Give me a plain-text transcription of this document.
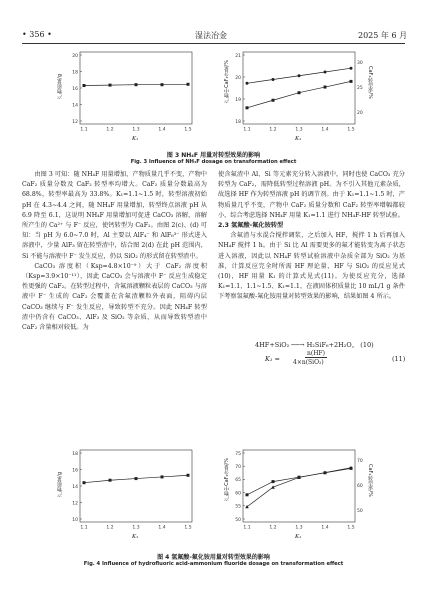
• 356 •	湿法冶金	2025 年 6 月
20
18
16
14
12
1.1	1.2	1.3	1.4	1.5
产物质量/g
K₁
21
20
19
18
1.1	1.2	1.3	1.4	1.5
30
25
20
产物中CaF₂含量/%	CaF₂转型率/%
K₁
图 3 NH₄F 用量对转型效果的影响
Fig. 3 Influence of NH₄F dosage on transformation effect

由图 3 可知：随 NH₄F 用量增加，产物质量几乎不变，产物中 CaF₂ 质量分数及 CaF₂ 转型率均增大。CaF₂ 质量分数最高为 68.8%，转型率最高为 33.8%。K₁=1.1~1.5 时，转型溶液初始 pH 在 4.3~4.4 之间，随 NH₄F 用量增加，转型终点溶液 pH 从 6.9 降至 6.1，这说明 NH₄F 用量增加可促进 CaCO₃ 溶解，溶解所产生的 Ca²⁺ 与 F⁻ 反应，使钙转型为 CaF₂。由图 2(c)、(d) 可知：当 pH 为 6.0~7.0 时，Al 主要以 AlF₄⁻ 和 AlF₆³⁻ 形式进入溶液中，少量 AlF₃ 留在转型渣中，结合图 2(d) 在此 pH 范围内，Si 不能与溶液中 F⁻ 发生反应，仍以 SiO₂ 的形式留在转型渣中。

CaCO₃ 溶度积（Ksp=4.8×10⁻⁹）大于 CaF₂ 溶度积（Ksp=3.9×10⁻¹¹），因此 CaCO₃ 会与溶液中 F⁻ 反应生成稳定性更强的 CaF₂。在转型过程中，含氟溶液颗粒表层的 CaCO₃ 与溶液中 F⁻ 生成的 CaF₂ 会覆盖在含氟渣颗粒外表面，阻碍内层 CaCO₃ 继续与 F⁻ 发生反应，导致转型不充分。因此 NH₄F 转型渣中仍含有 CaCO₃、AlF₃ 及 SiO₂ 等杂质，从而导致转型渣中 CaF₂ 含量相对较低。为

使含氟渣中 Al、Si 等元素充分转入溶液中，同时也使 CaCO₃ 充分转型为 CaF₂，需降低转型过程溶液 pH。为不引入其他元素杂质，故选择 HF 作为转型溶液 pH 的调节剂。由于 K₁=1.1~1.5 时，产物质量几乎不变，产物中 CaF₂ 质量分数和 CaF₂ 转型率增幅都较小，综合考虑选择 NH₄F 用量 K₁=1.1 进行 NH₄F-HF 转型试验。

2.3 氢氟酸-氟化铵转型

含氟渣与水混合搅拌调浆，之后加入 HF，搅拌 1 h 后再加入 NH₄F 搅拌 1 h。由于 Si 比 Al 需要更多的氟才能转变为离子状态进入溶液，因此以 NH₄F 转型试验溶液中杂质全部为 SiO₂ 为基准，计算反应完全时所需 HF 理论量，HF 与 SiO₂ 的反应见式(10)，HF 用量 K₁ 的计算式见式(11)。为使反应充分，选择 K₁=1.1、1.1~1.5、K₁=1.1，在液固体积质量比 10 mL/1 g 条件下考察氢氟酸-氟化铵用量对转型效果的影响，结果如图 4 所示。

4HF+SiO₂ ──→ H₂SiF₆+2H₂O。 (10)
K₁ =
n(HF)
4×n(SiO₂)	(11)
18
16
14
12
10
1.1	1.2	1.3	1.4	1.5
产物质量/g
K₁
75
70
65
60
55
50
1.1	1.2	1.3	1.4	1.5
70
60
50
产物中CaF₂含量/%	CaF₂转型率/%
K₁
图 4 氢氟酸-氟化铵用量对转型效果的影响
Fig. 4 Influence of hydrofluoric acid-ammonium fluoride dosage on transformation effect
